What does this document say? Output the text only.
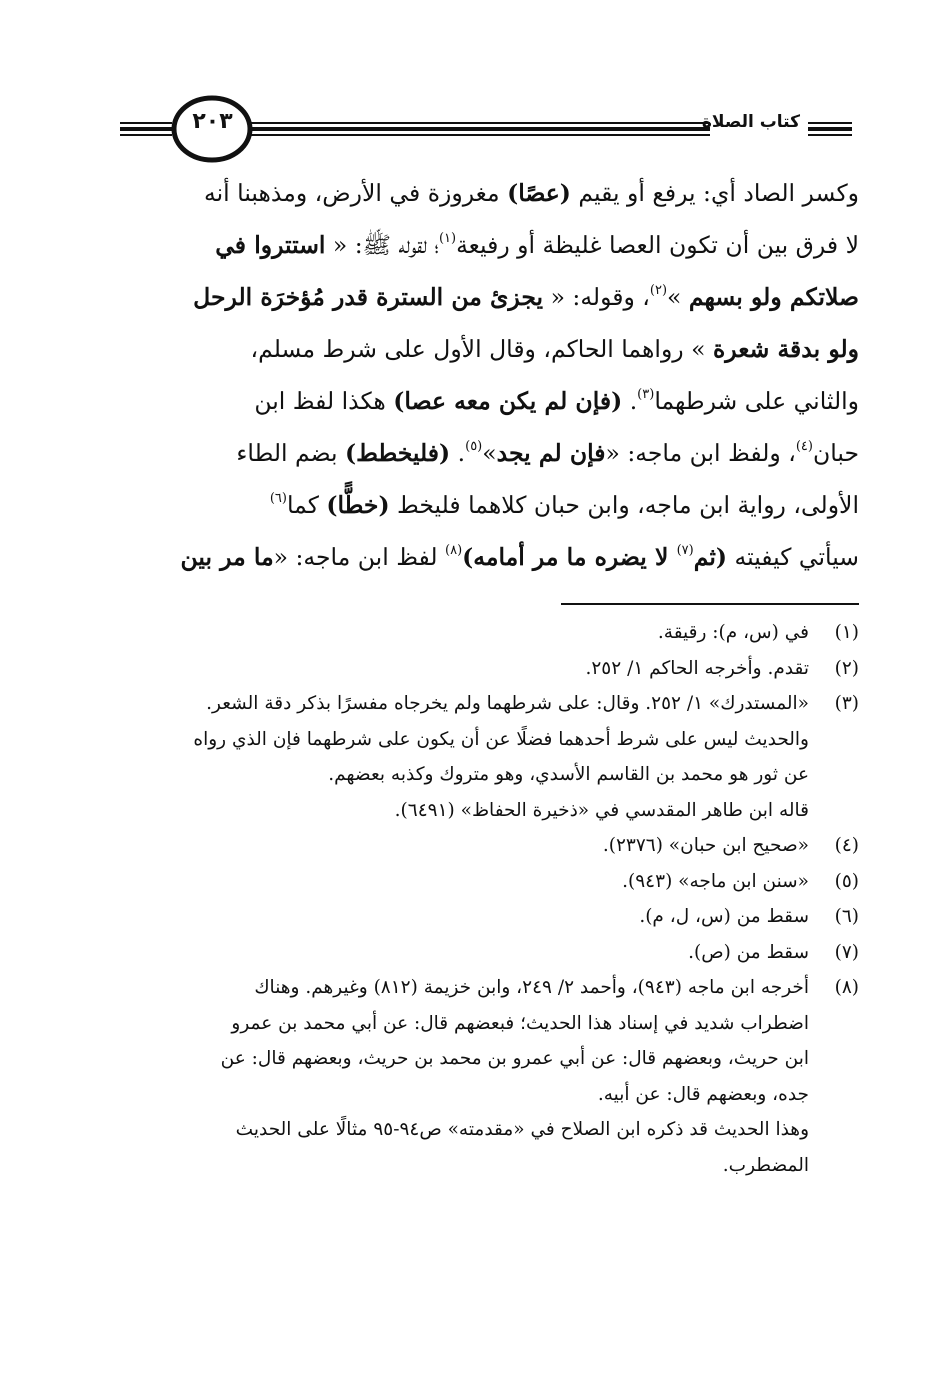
كتاب الصلاة
٢٠٣
وكسر الصاد أي: يرفع أو يقيم (عصًا) مغروزة في الأرض، ومذهبنا أنه
لا فرق بين أن تكون العصا غليظة أو رفيعة$^{(١)}$؛ لقوله ﷺ: « استتروا في
صلاتكم ولو بسهم »$^{(٢)}$، وقوله: « يجزئ من السترة قدر مُؤخرَة الرحل
ولو بدقة شعرة » رواهما الحاكم، وقال الأول على شرط مسلم،
والثاني على شرطهما$^{(٣)}$. (فإن لم يكن معه عصا) هكذا لفظ ابن
حبان$^{(٤)}$، ولفظ ابن ماجه: «فإن لم يجد»$^{(٥)}$. (فليخطط) بضم الطاء
الأولى، رواية ابن ماجه، وابن حبان كلاهما فليخط (خطًّا) كما$^{(٦)}$
سيأتي كيفيته (ثم$^{(٧)}$ لا يضره ما مر أمامه)$^{(٨)}$ لفظ ابن ماجه: «ما مر بين
(١)
في (س، م): رقيقة.
(٢)
تقدم. وأخرجه الحاكم ١/ ٢٥٢.
(٣)
«المستدرك» ١/ ٢٥٢. وقال: على شرطهما ولم يخرجاه مفسرًا بذكر دقة الشعر.
والحديث ليس على شرط أحدهما فضلًا عن أن يكون على شرطهما فإن الذي رواه
عن ثور هو محمد بن القاسم الأسدي، وهو متروك وكذبه بعضهم.
قاله ابن طاهر المقدسي في «ذخيرة الحفاظ» (٦٤٩١).
(٤)
«صحيح ابن حبان» (٢٣٧٦).
(٥)
«سنن ابن ماجه» (٩٤٣).
(٦)
سقط من (س، ل، م).
(٧)
سقط من (ص).
(٨)
أخرجه ابن ماجه (٩٤٣)، وأحمد ٢/ ٢٤٩، وابن خزيمة (٨١٢) وغيرهم. وهناك
اضطراب شديد في إسناد هذا الحديث؛ فبعضهم قال: عن أبي محمد بن عمرو
ابن حريث، وبعضهم قال: عن أبي عمرو بن محمد بن حريث، وبعضهم قال: عن
جده، وبعضهم قال: عن أبيه.
وهذا الحديث قد ذكره ابن الصلاح في «مقدمته» ص٩٤-٩٥ مثالًا على الحديث
المضطرب.
